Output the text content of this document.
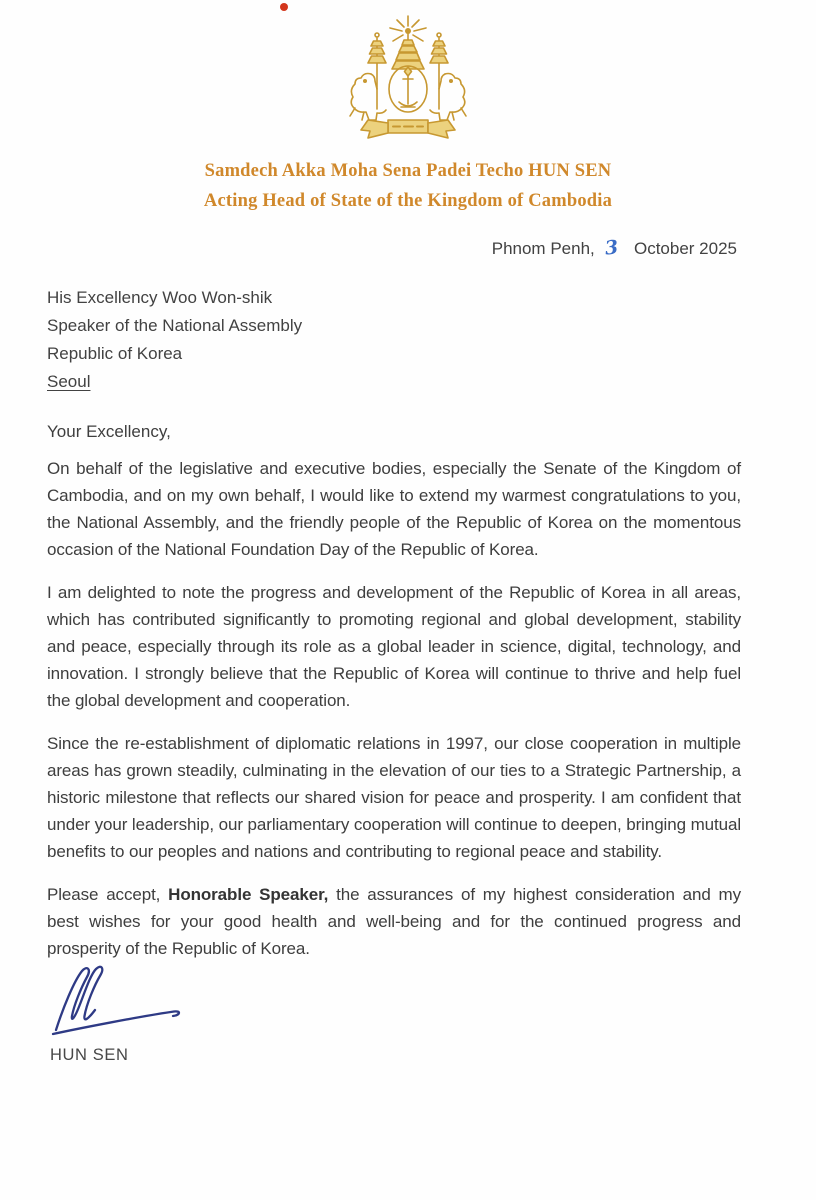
Samdech Akka Moha Sena Padei Techo HUN SEN
Acting Head of State of the Kingdom of Cambodia
Phnom Penh, 3 October 2025
His Excellency Woo Won-shik
Speaker of the National Assembly
Republic of Korea
Seoul
Your Excellency,

On behalf of the legislative and executive bodies, especially the Senate of the Kingdom of Cambodia, and on my own behalf, I would like to extend my warmest congratulations to you, the National Assembly, and the friendly people of the Republic of Korea on the momentous occasion of the National Foundation Day of the Republic of Korea.

I am delighted to note the progress and development of the Republic of Korea in all areas, which has contributed significantly to promoting regional and global development, stability and peace, especially through its role as a global leader in science, digital, technology, and innovation. I strongly believe that the Republic of Korea will continue to thrive and help fuel the global development and cooperation.

Since the re-establishment of diplomatic relations in 1997, our close cooperation in multiple areas has grown steadily, culminating in the elevation of our ties to a Strategic Partnership, a historic milestone that reflects our shared vision for peace and prosperity. I am confident that under your leadership, our parliamentary cooperation will continue to deepen, bringing mutual benefits to our peoples and nations and contributing to regional peace and stability.

Please accept, Honorable Speaker, the assurances of my highest consideration and my best wishes for your good health and well-being and for the continued progress and prosperity of the Republic of Korea.

HUN SEN
